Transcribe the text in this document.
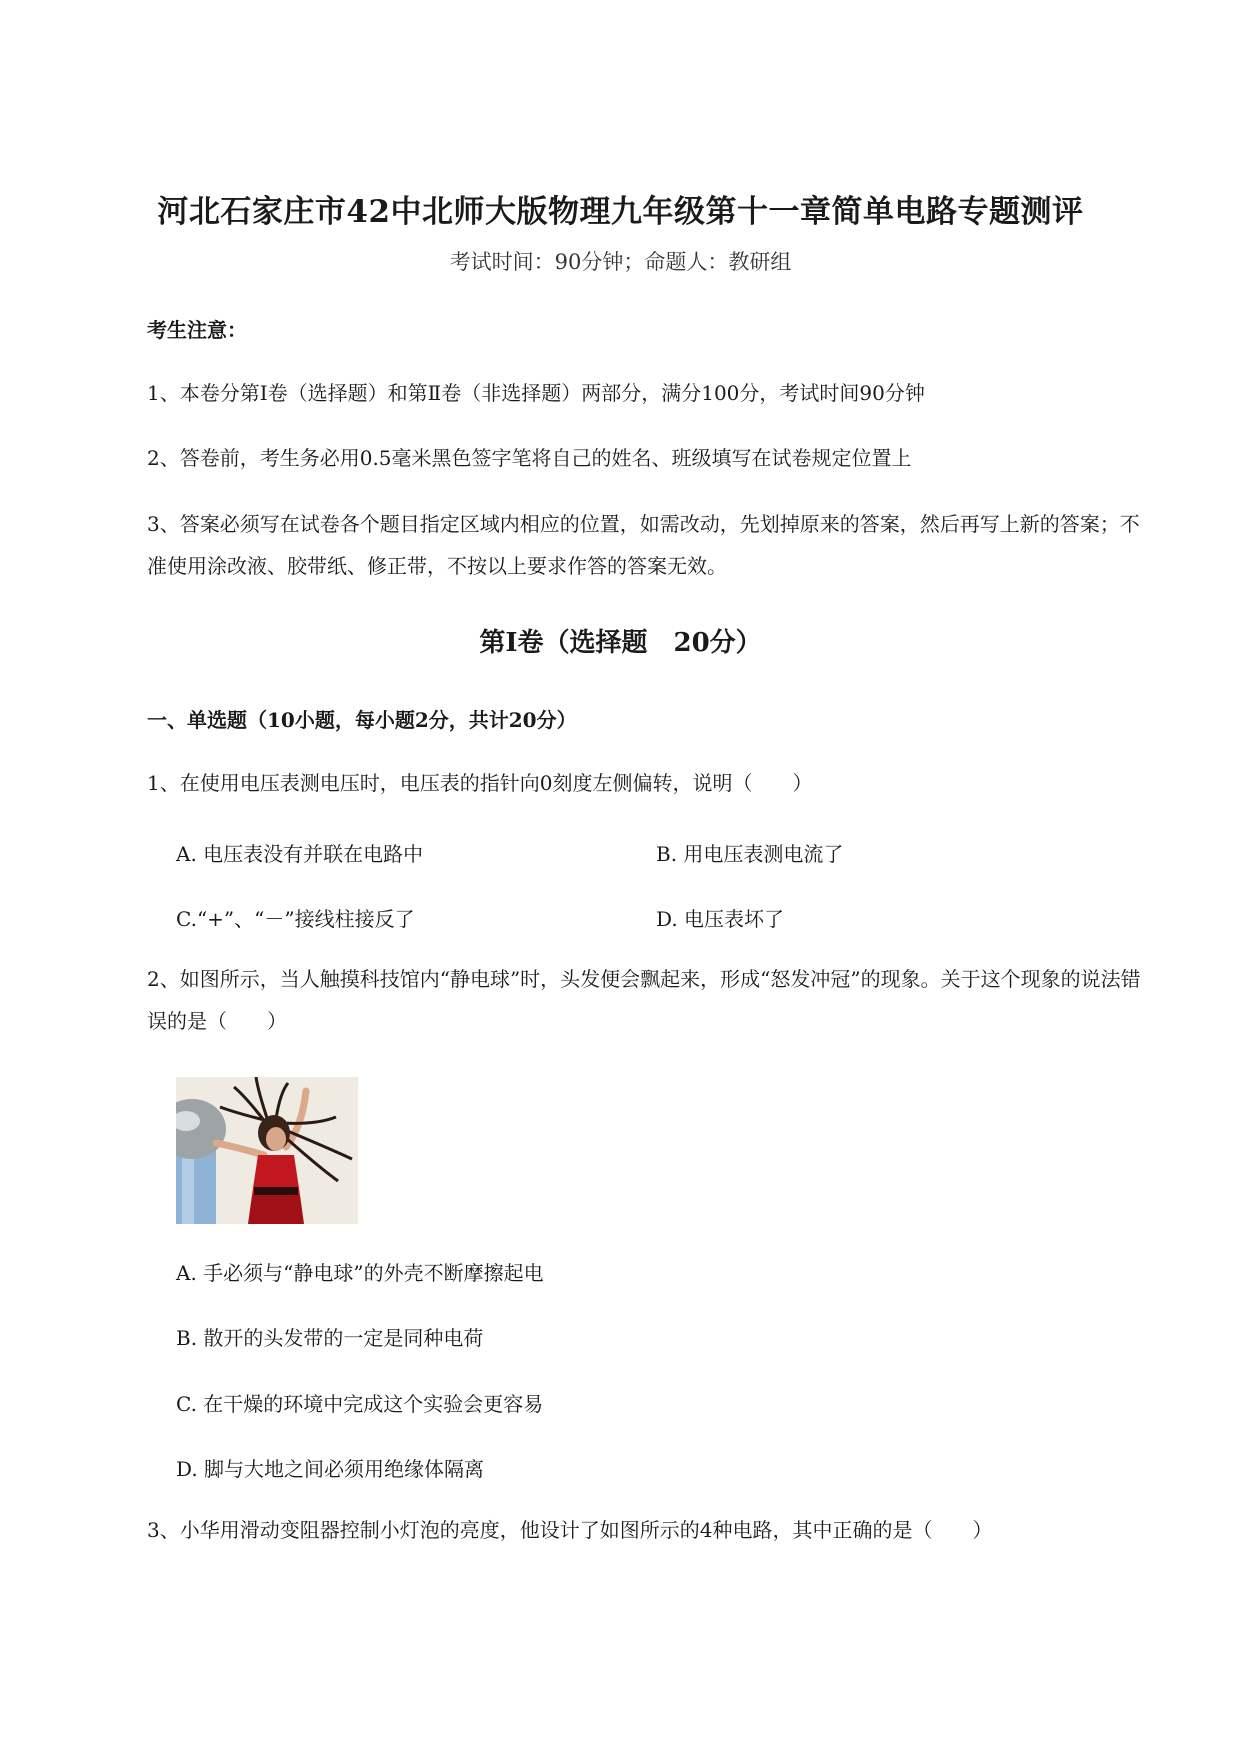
河北石家庄市42中北师大版物理九年级第十一章简单电路专题测评
考试时间：90分钟；命题人：教研组
考生注意：
1、本卷分第I卷（选择题）和第Ⅱ卷（非选择题）两部分，满分100分，考试时间90分钟
2、答卷前，考生务必用0.5毫米黑色签字笔将自己的姓名、班级填写在试卷规定位置上
3、答案必须写在试卷各个题目指定区域内相应的位置，如需改动，先划掉原来的答案，然后再写上新的答案；不准使用涂改液、胶带纸、修正带，不按以上要求作答的答案无效。
第I卷（选择题　20分）
一、单选题（10小题，每小题2分，共计20分）
1、在使用电压表测电压时，电压表的指针向0刻度左侧偏转，说明（　　）
A. 电压表没有并联在电路中	B. 用电压表测电流了
C.“+”、“－”接线柱接反了	D. 电压表坏了
2、如图所示，当人触摸科技馆内“静电球”时，头发便会飘起来，形成“怒发冲冠”的现象。关于这个现象的说法错误的是（　　）
A. 手必须与“静电球”的外壳不断摩擦起电
B. 散开的头发带的一定是同种电荷
C. 在干燥的环境中完成这个实验会更容易
D. 脚与大地之间必须用绝缘体隔离
3、小华用滑动变阻器控制小灯泡的亮度，他设计了如图所示的4种电路，其中正确的是（　　）
